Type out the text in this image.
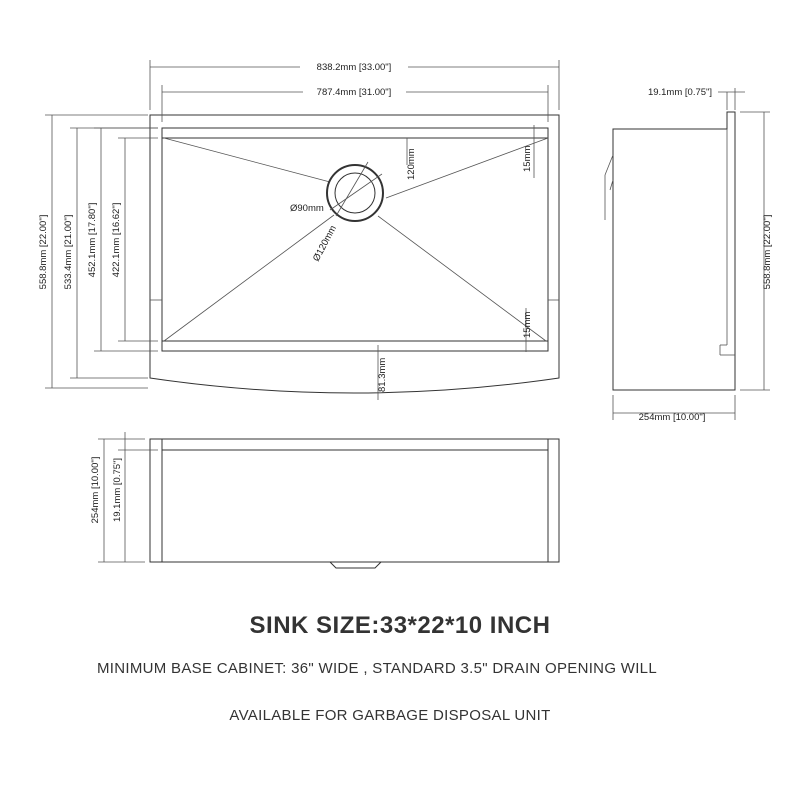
838.2mm [33.00"]
787.4mm [31.00"]
558.8mm [22.00"] 533.4mm [21.00"] 452.1mm [17.80"] 422.1mm [16.62"]	Ø90mm
Ø120mm
120mm	15mm
15mm
81.3mm
19.1mm [0.75"]
558.8mm [22.00"]
254mm [10.00"]
254mm [10.00"] 19.1mm [0.75"]
SINK SIZE:33*22*10 INCH
MINIMUM BASE CABINET: 36" WIDE , STANDARD 3.5" DRAIN OPENING WILL
AVAILABLE FOR GARBAGE DISPOSAL UNIT
